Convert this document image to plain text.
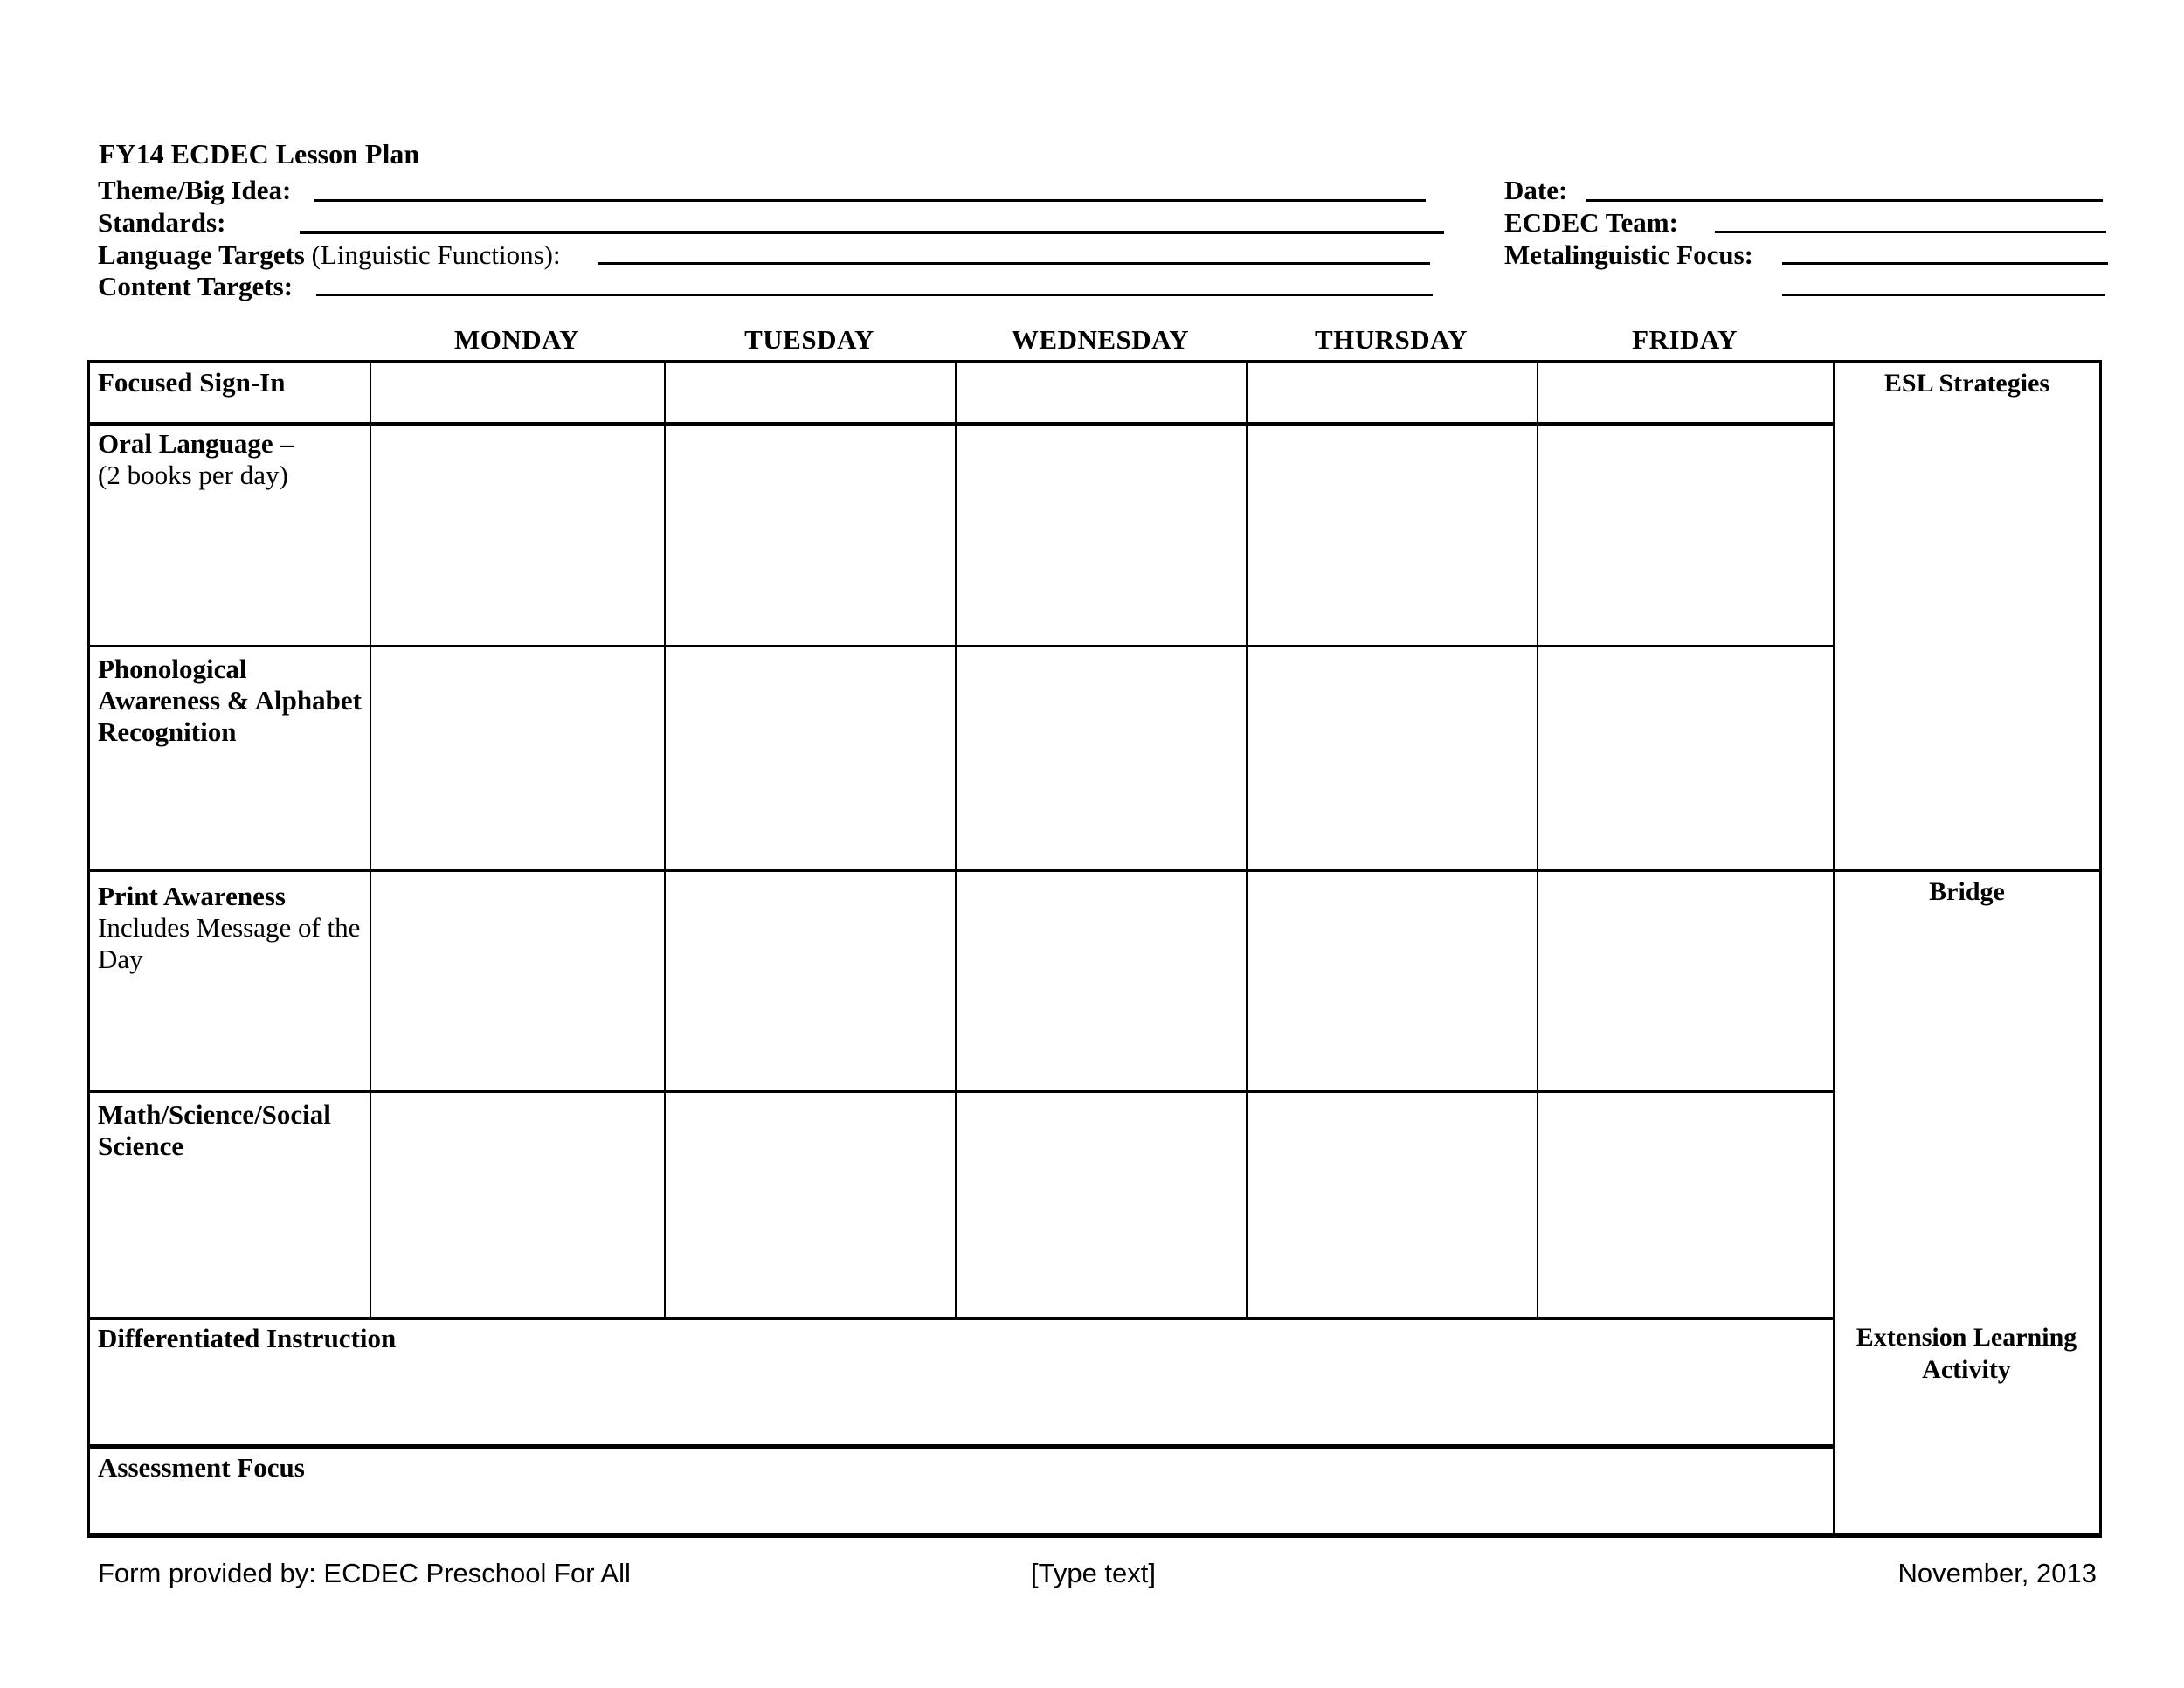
FY14 ECDEC Lesson Plan
Theme/Big Idea:
Standards:
Language Targets (Linguistic Functions):
Content Targets:
Date:
ECDEC Team:
Metalinguistic Focus:
MONDAY	TUESDAY	WEDNESDAY	THURSDAY	FRIDAY
Focused Sign-In
Oral Language –
(2 books per day)
Phonological Awareness & Alphabet Recognition
Print Awareness
Includes Message of the Day
Math/Science/Social Science
Differentiated Instruction
Assessment Focus
ESL Strategies
Bridge
Extension Learning Activity
Form provided by: ECDEC Preschool For All	[Type text]	November, 2013
